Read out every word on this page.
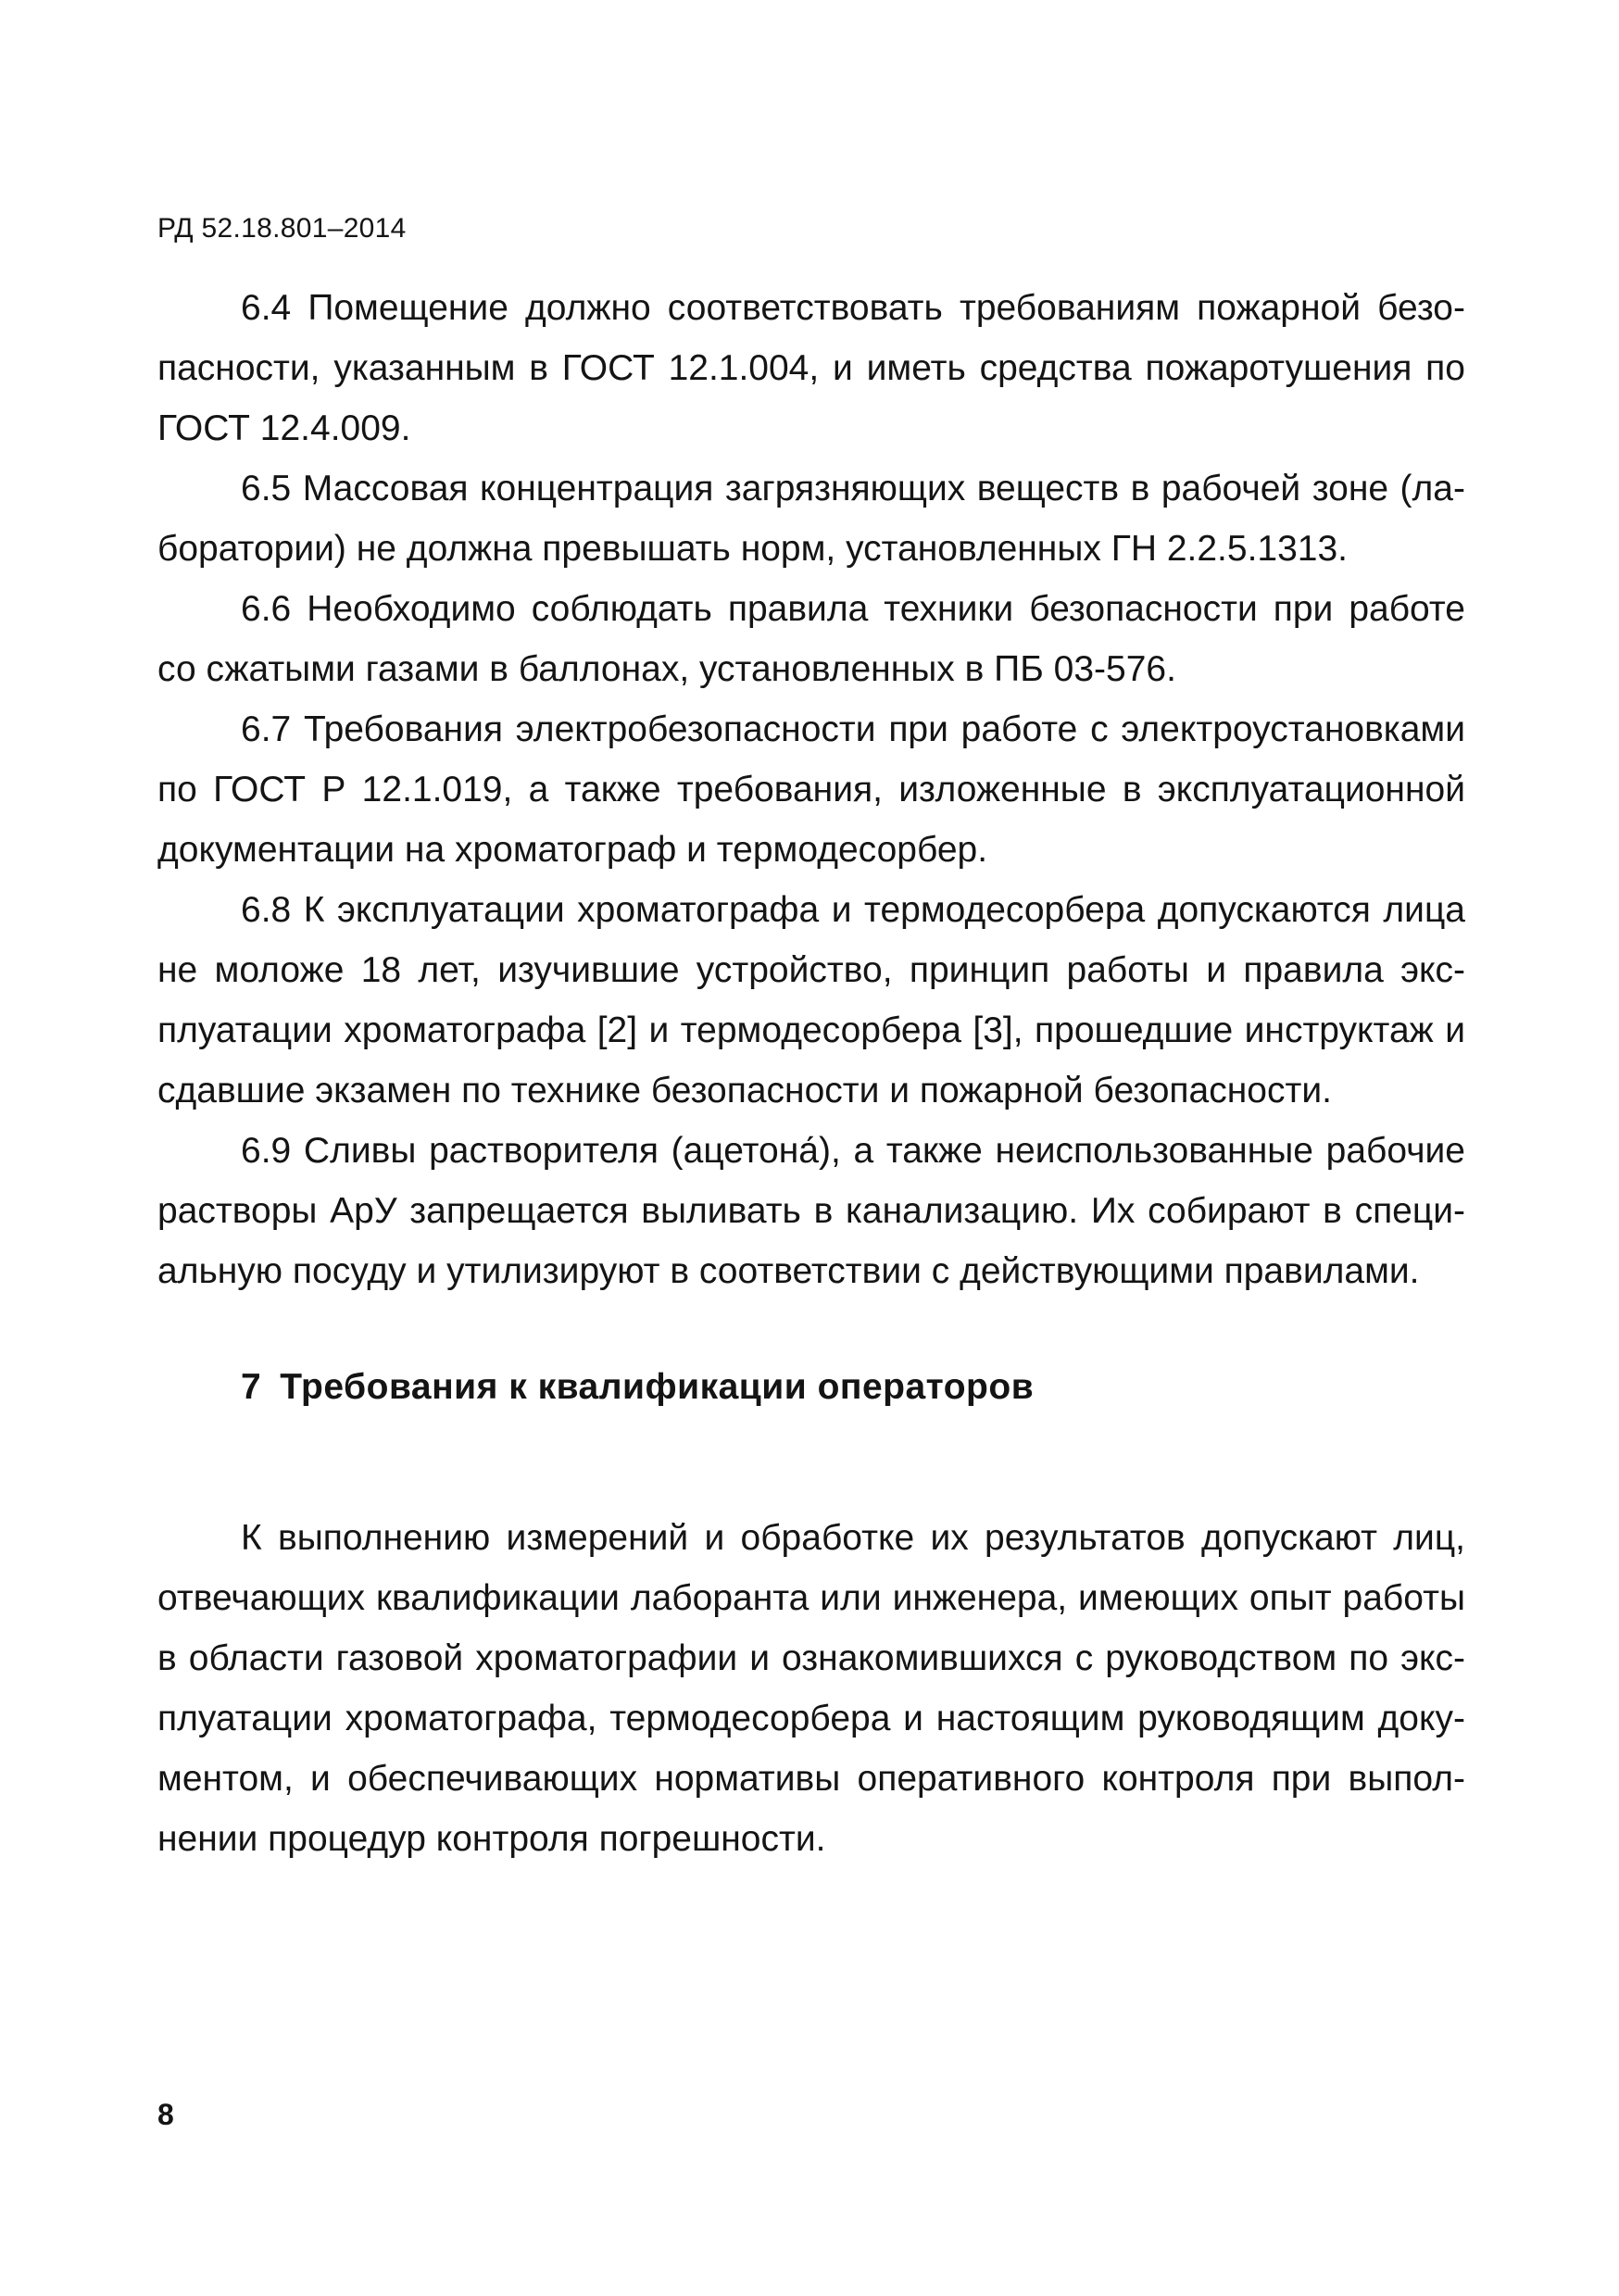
РД 52.18.801–2014

6.4 Помещение должно соответствовать требованиям пожарной безопасности, указанным в ГОСТ 12.1.004, и иметь средства пожаротушения по ГОСТ 12.4.009.

6.5 Массовая концентрация загрязняющих веществ в рабочей зоне (лаборатории) не должна превышать норм, установленных ГН 2.2.5.1313.

6.6 Необходимо соблюдать правила техники безопасности при работе со сжатыми газами в баллонах, установленных в ПБ 03-576.

6.7 Требования электробезопасности при работе с электроустановками по ГОСТ Р 12.1.019, а также требования, изложенные в эксплуатационной документации на хроматограф и термодесорбер.

6.8 К эксплуатации хроматографа и термодесорбера допускаются лица не моложе 18 лет, изучившие устройство, принцип работы и правила эксплуатации хроматографа [2] и термодесорбера [3], прошедшие инструктаж и сдавшие экзамен по технике безопасности и пожарной безопасности.

6.9 Сливы растворителя (ацетона́), а также неиспользованные рабочие растворы АрУ запрещается выливать в канализацию. Их собирают в специальную посуду и утилизируют в соответствии с действующими правилами.

7 Требования к квалификации операторов

К выполнению измерений и обработке их результатов допускают лиц, отвечающих квалификации лаборанта или инженера, имеющих опыт работы в области газовой хроматографии и ознакомившихся с руководством по эксплуатации хроматографа, термодесорбера и настоящим руководящим документом, и обеспечивающих нормативы оперативного контроля при выполнении процедур контроля погрешности.

8
